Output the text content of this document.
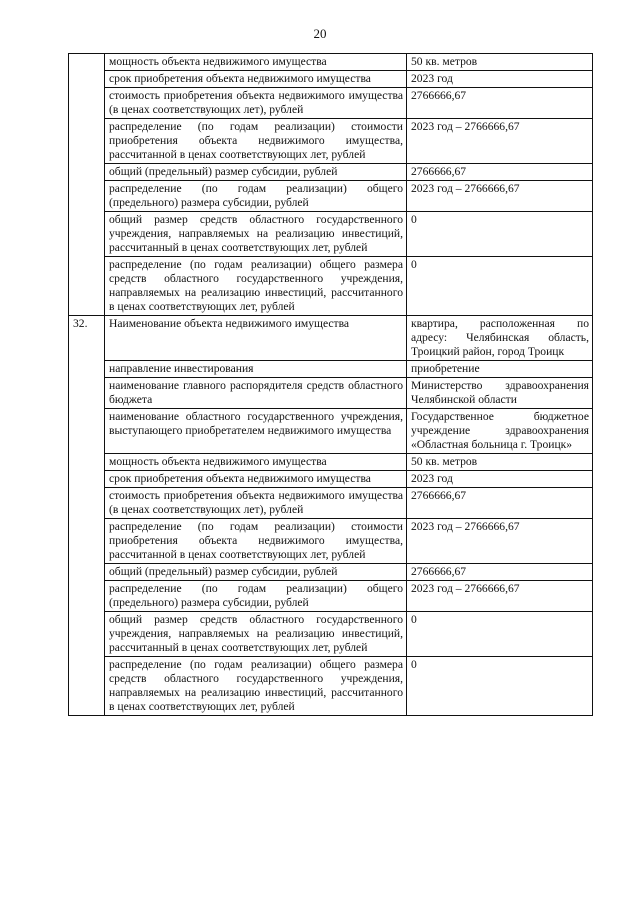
20
	мощность объекта недвижимого имущества	50 кв. метров
	срок приобретения объекта недвижимого имущества	2023 год
	стоимость приобретения объекта недвижимого имущества (в ценах соответствующих лет), рублей	2766666,67
	распределение (по годам реализации) стоимости приобретения объекта недвижимого имущества, рассчитанной в ценах соответствующих лет, рублей	2023 год – 2766666,67
	общий (предельный) размер субсидии, рублей	2766666,67
	распределение (по годам реализации) общего (предельного) размера субсидии, рублей	2023 год – 2766666,67
	общий размер средств областного государственного учреждения, направляемых на реализацию инвестиций, рассчитанный в ценах соответствующих лет, рублей	0
	распределение (по годам реализации) общего размера средств областного государственного учреждения, направляемых на реализацию инвестиций, рассчитанного в ценах соответствующих лет, рублей	0
32.	Наименование объекта недвижимого имущества	квартира, расположенная по адресу: Челябинская область, Троицкий район, город Троицк
	направление инвестирования	приобретение
	наименование главного распорядителя средств областного бюджета	Министерство здравоохранения Челябинской области
	наименование областного государственного учреждения, выступающего приобретателем недвижимого имущества	Государственное бюджетное учреждение здравоохранения «Областная больница г. Троицк»
	мощность объекта недвижимого имущества	50 кв. метров
	срок приобретения объекта недвижимого имущества	2023 год
	стоимость приобретения объекта недвижимого имущества (в ценах соответствующих лет), рублей	2766666,67
	распределение (по годам реализации) стоимости приобретения объекта недвижимого имущества, рассчитанной в ценах соответствующих лет, рублей	2023 год – 2766666,67
	общий (предельный) размер субсидии, рублей	2766666,67
	распределение (по годам реализации) общего (предельного) размера субсидии, рублей	2023 год – 2766666,67
	общий размер средств областного государственного учреждения, направляемых на реализацию инвестиций, рассчитанный в ценах соответствующих лет, рублей	0
	распределение (по годам реализации) общего размера средств областного государственного учреждения, направляемых на реализацию инвестиций, рассчитанного в ценах соответствующих лет, рублей	0
